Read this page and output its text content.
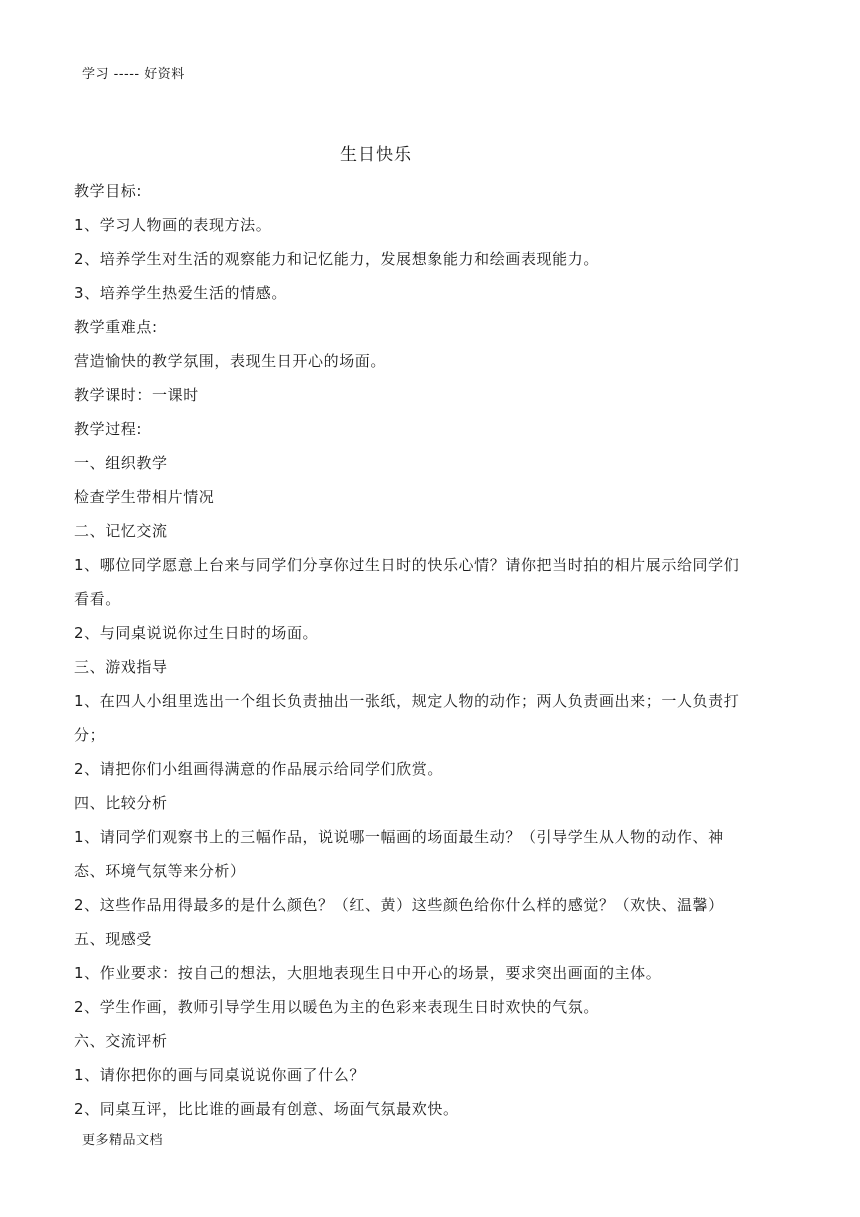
学习 ----- 好资料
生日快乐
教学目标:
1、学习人物画的表现方法。
2、培养学生对生活的观察能力和记忆能力，发展想象能力和绘画表现能力。
3、培养学生热爱生活的情感。
教学重难点:
营造愉快的教学氛围，表现生日开心的场面。
教学课时：一课时
教学过程:
一、组织教学
检查学生带相片情况
二、记忆交流
1、哪位同学愿意上台来与同学们分享你过生日时的快乐心情？请你把当时拍的相片展示给同学们看看。
2、与同桌说说你过生日时的场面。
三、游戏指导
1、在四人小组里选出一个组长负责抽出一张纸，规定人物的动作；两人负责画出来；一人负责打分；
2、请把你们小组画得满意的作品展示给同学们欣赏。
四、比较分析
1、请同学们观察书上的三幅作品，说说哪一幅画的场面最生动？（引导学生从人物的动作、神态、环境气氛等来分析）
2、这些作品用得最多的是什么颜色？（红、黄）这些颜色给你什么样的感觉？（欢快、温馨）
五、现感受
1、作业要求：按自己的想法，大胆地表现生日中开心的场景，要求突出画面的主体。
2、学生作画，教师引导学生用以暖色为主的色彩来表现生日时欢快的气氛。
六、交流评析
1、请你把你的画与同桌说说你画了什么？
2、同桌互评，比比谁的画最有创意、场面气氛最欢快。
更多精品文档
